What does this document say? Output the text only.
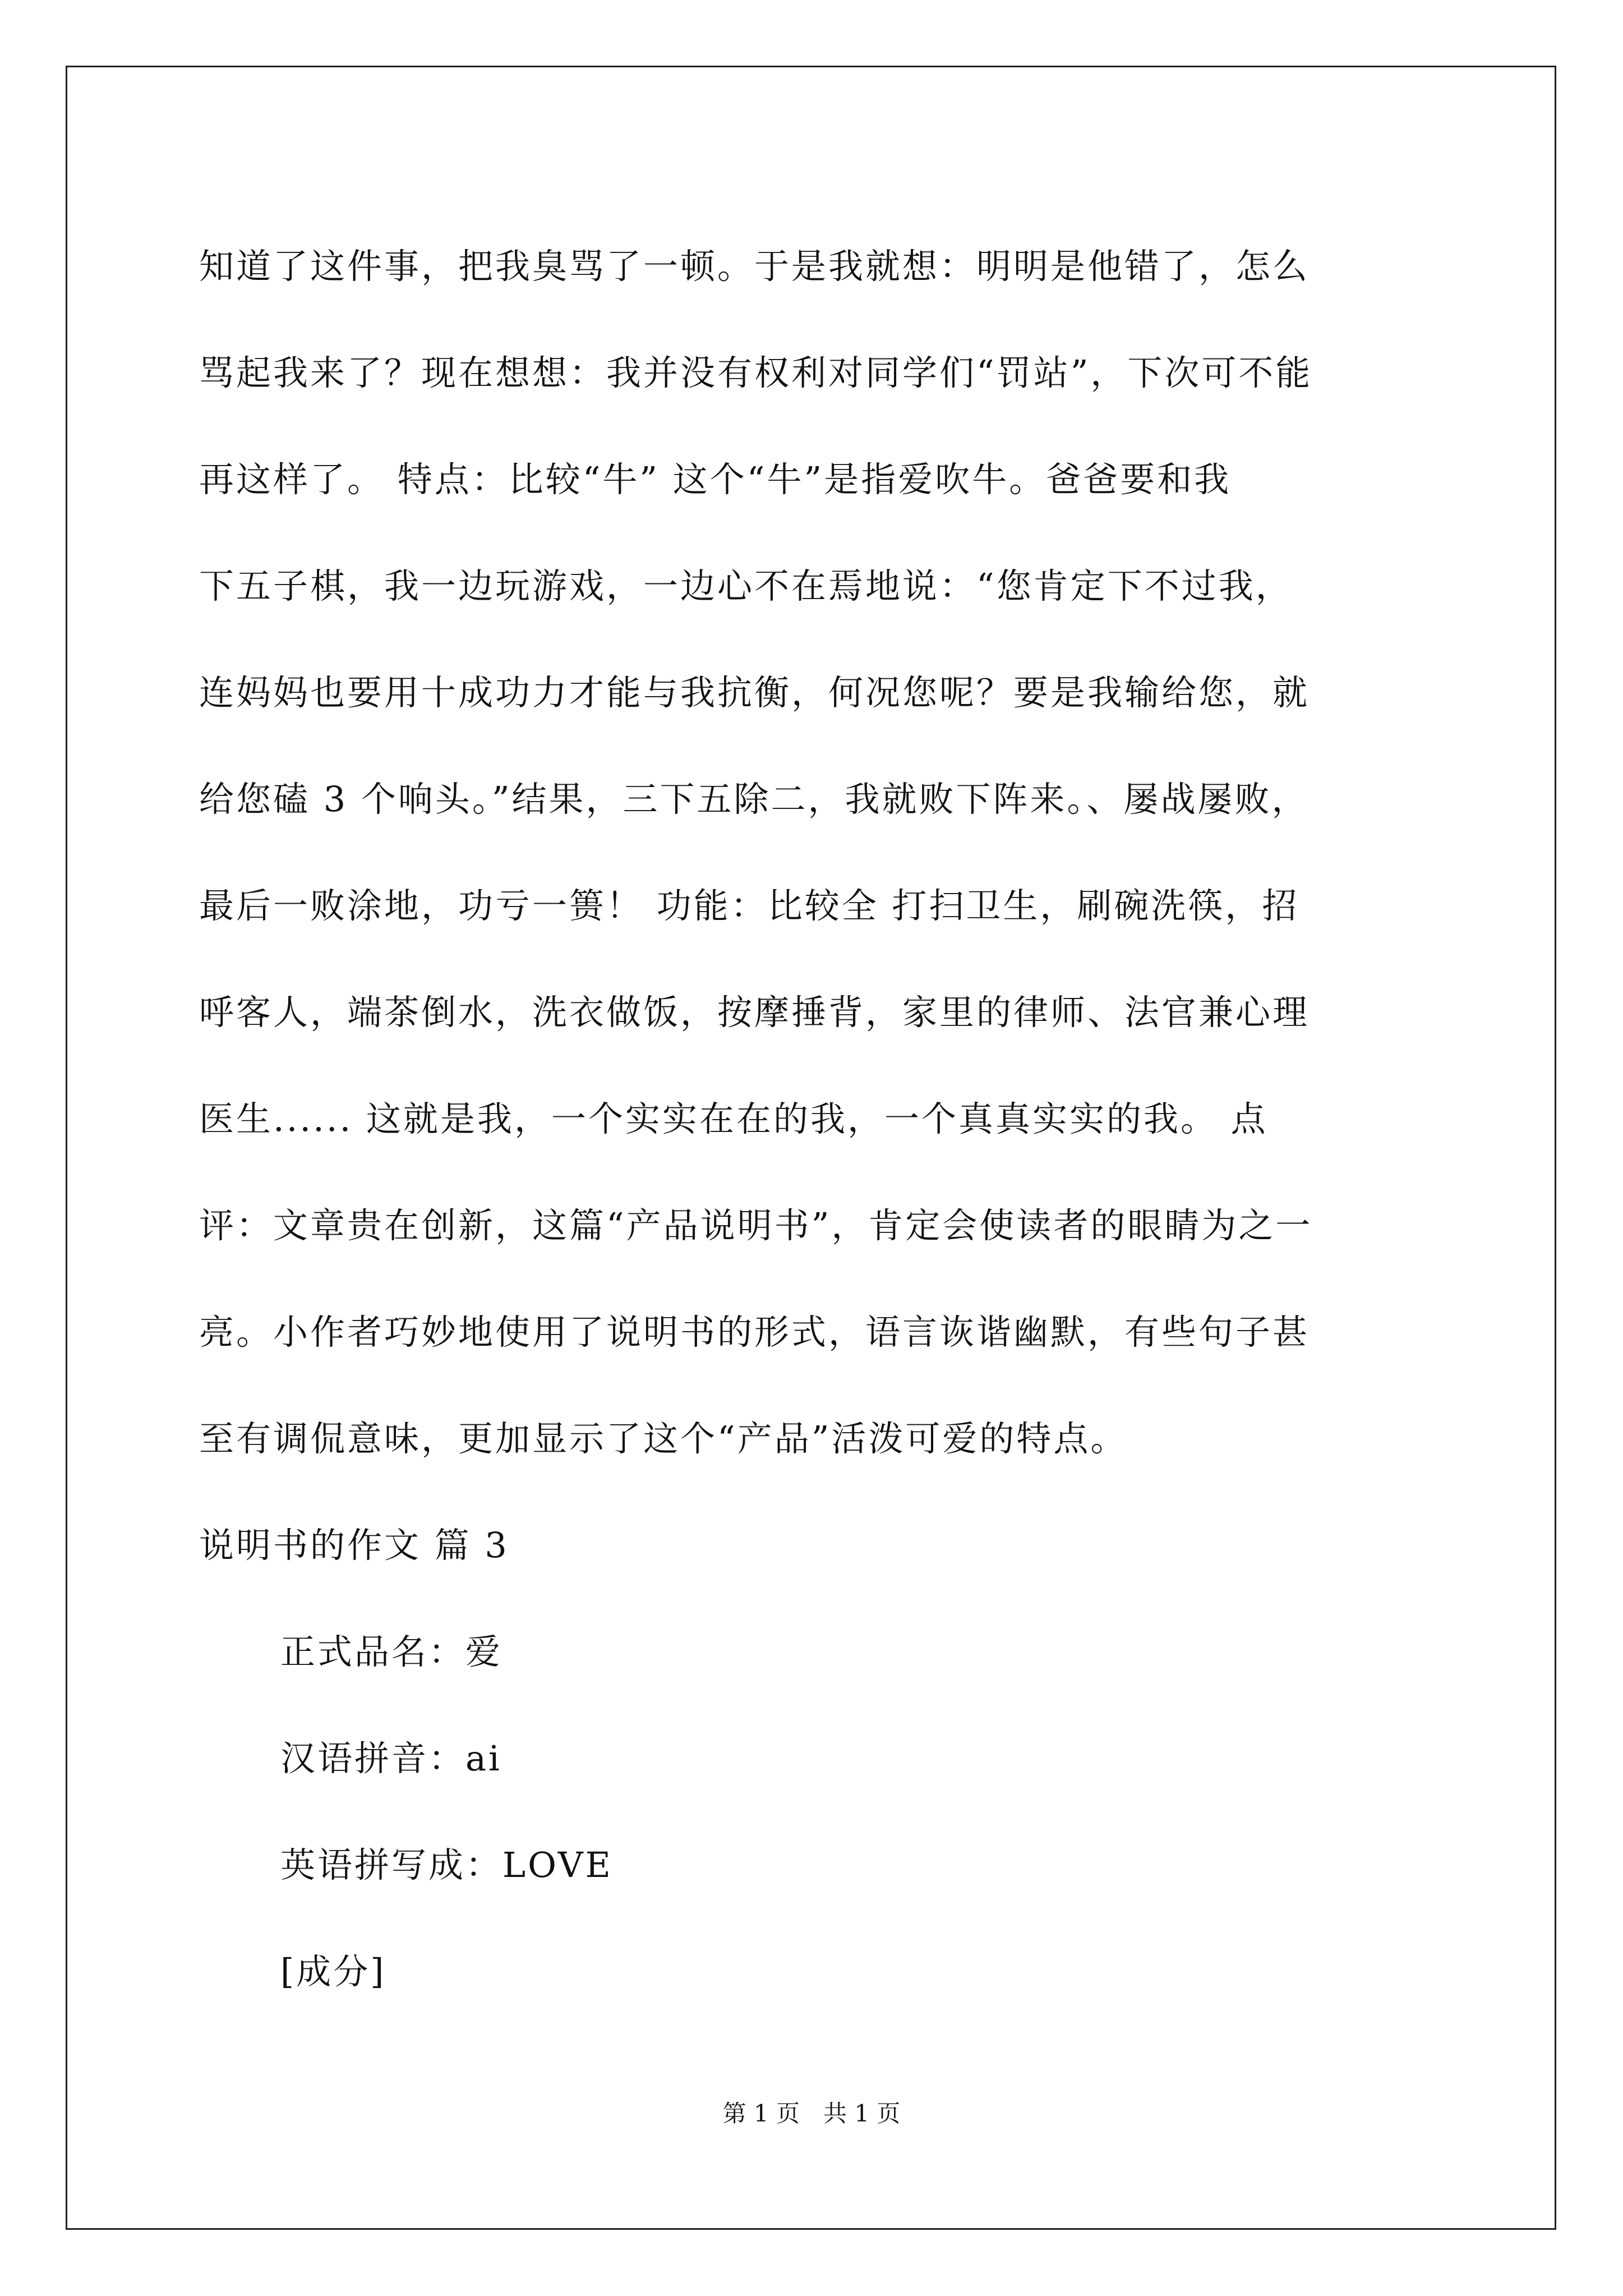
知道了这件事，把我臭骂了一顿。于是我就想：明明是他错了，怎么

骂起我来了？现在想想：我并没有权利对同学们“罚站”，下次可不能

再这样了。 特点：比较“牛” 这个“牛”是指爱吹牛。爸爸要和我

下五子棋，我一边玩游戏，一边心不在焉地说：“您肯定下不过我，

连妈妈也要用十成功力才能与我抗衡，何况您呢？要是我输给您，就

给您磕 3 个响头。”结果，三下五除二，我就败下阵来。、屡战屡败，

最后一败涂地，功亏一篑！ 功能：比较全 打扫卫生，刷碗洗筷，招

呼客人，端茶倒水，洗衣做饭，按摩捶背，家里的律师、法官兼心理

医生...... 这就是我，一个实实在在的我，一个真真实实的我。 点

评：文章贵在创新，这篇“产品说明书”，肯定会使读者的眼睛为之一

亮。小作者巧妙地使用了说明书的形式，语言诙谐幽默，有些句子甚

至有调侃意味，更加显示了这个“产品”活泼可爱的特点。

说明书的作文 篇 3

正式品名：爱

汉语拼音：ai

英语拼写成：LOVE

[成分]

第 1 页　共 1 页
